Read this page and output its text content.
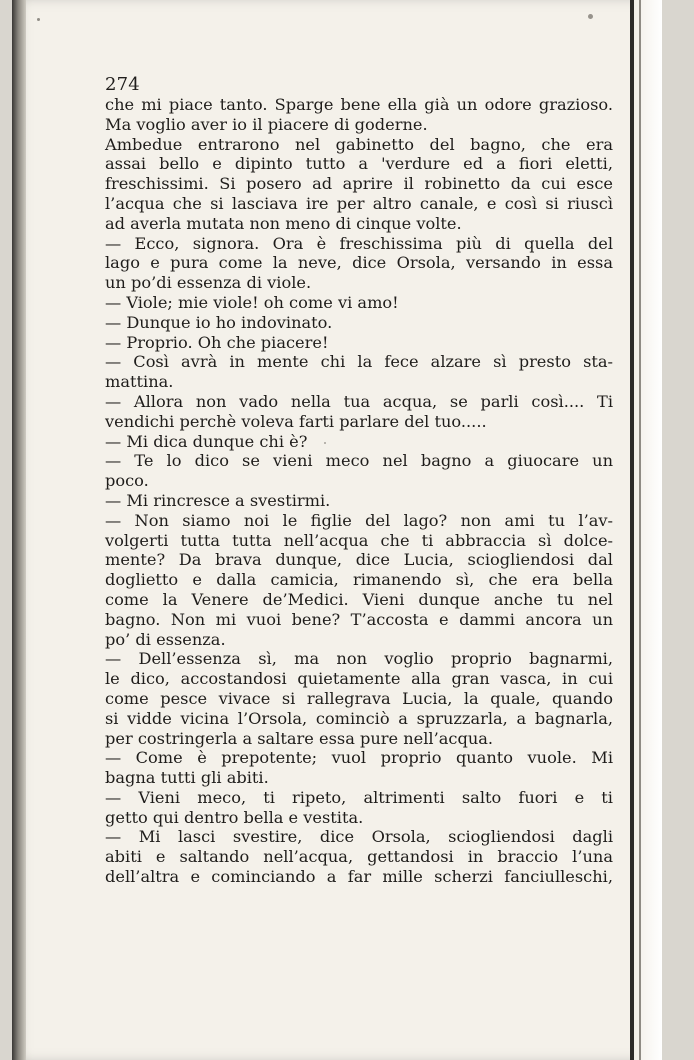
274
che mi piace tanto. Sparge bene ella già un odore grazioso.
Ma voglio aver io il piacere di goderne.
Ambedue entrarono nel gabinetto del bagno, che era
assai bello e dipinto tutto a 'verdure ed a fiori eletti,
freschissimi. Si posero ad aprire il robinetto da cui esce
l’acqua che si lasciava ire per altro canale, e così si riuscì
ad averla mutata non meno di cinque volte.
— Ecco, signora. Ora è freschissima più di quella del
lago e pura come la neve, dice Orsola, versando in essa
un po’di essenza di viole.
— Viole; mie viole! oh come vi amo!
— Dunque io ho indovinato.
— Proprio. Oh che piacere!
— Così avrà in mente chi la fece alzare sì presto sta-
mattina.
— Allora non vado nella tua acqua, se parli così.... Ti
vendichi perchè voleva farti parlare del tuo.....
— Mi dica dunque chi è?
— Te lo dico se vieni meco nel bagno a giuocare un
poco.
— Mi rincresce a svestirmi.
— Non siamo noi le figlie del lago? non ami tu l’av-
volgerti tutta tutta nell’acqua che ti abbraccia sì dolce-
mente? Da brava dunque, dice Lucia, sciogliendosi dal
doglietto e dalla camicia, rimanendo sì, che era bella
come la Venere de’Medici. Vieni dunque anche tu nel
bagno. Non mi vuoi bene? T’accosta e dammi ancora un
po’ di essenza.
— Dell’essenza sì, ma non voglio proprio bagnarmi,
le dico, accostandosi quietamente alla gran vasca, in cui
come pesce vivace si rallegrava Lucia, la quale, quando
si vidde vicina l’Orsola, cominciò a spruzzarla, a bagnarla,
per costringerla a saltare essa pure nell’acqua.
— Come è prepotente; vuol proprio quanto vuole. Mi
bagna tutti gli abiti.
— Vieni meco, ti ripeto, altrimenti salto fuori e ti
getto qui dentro bella e vestita.
— Mi lasci svestire, dice Orsola, sciogliendosi dagli
abiti e saltando nell’acqua, gettandosi in braccio l’una
dell’altra e cominciando a far mille scherzi fanciulleschi,
